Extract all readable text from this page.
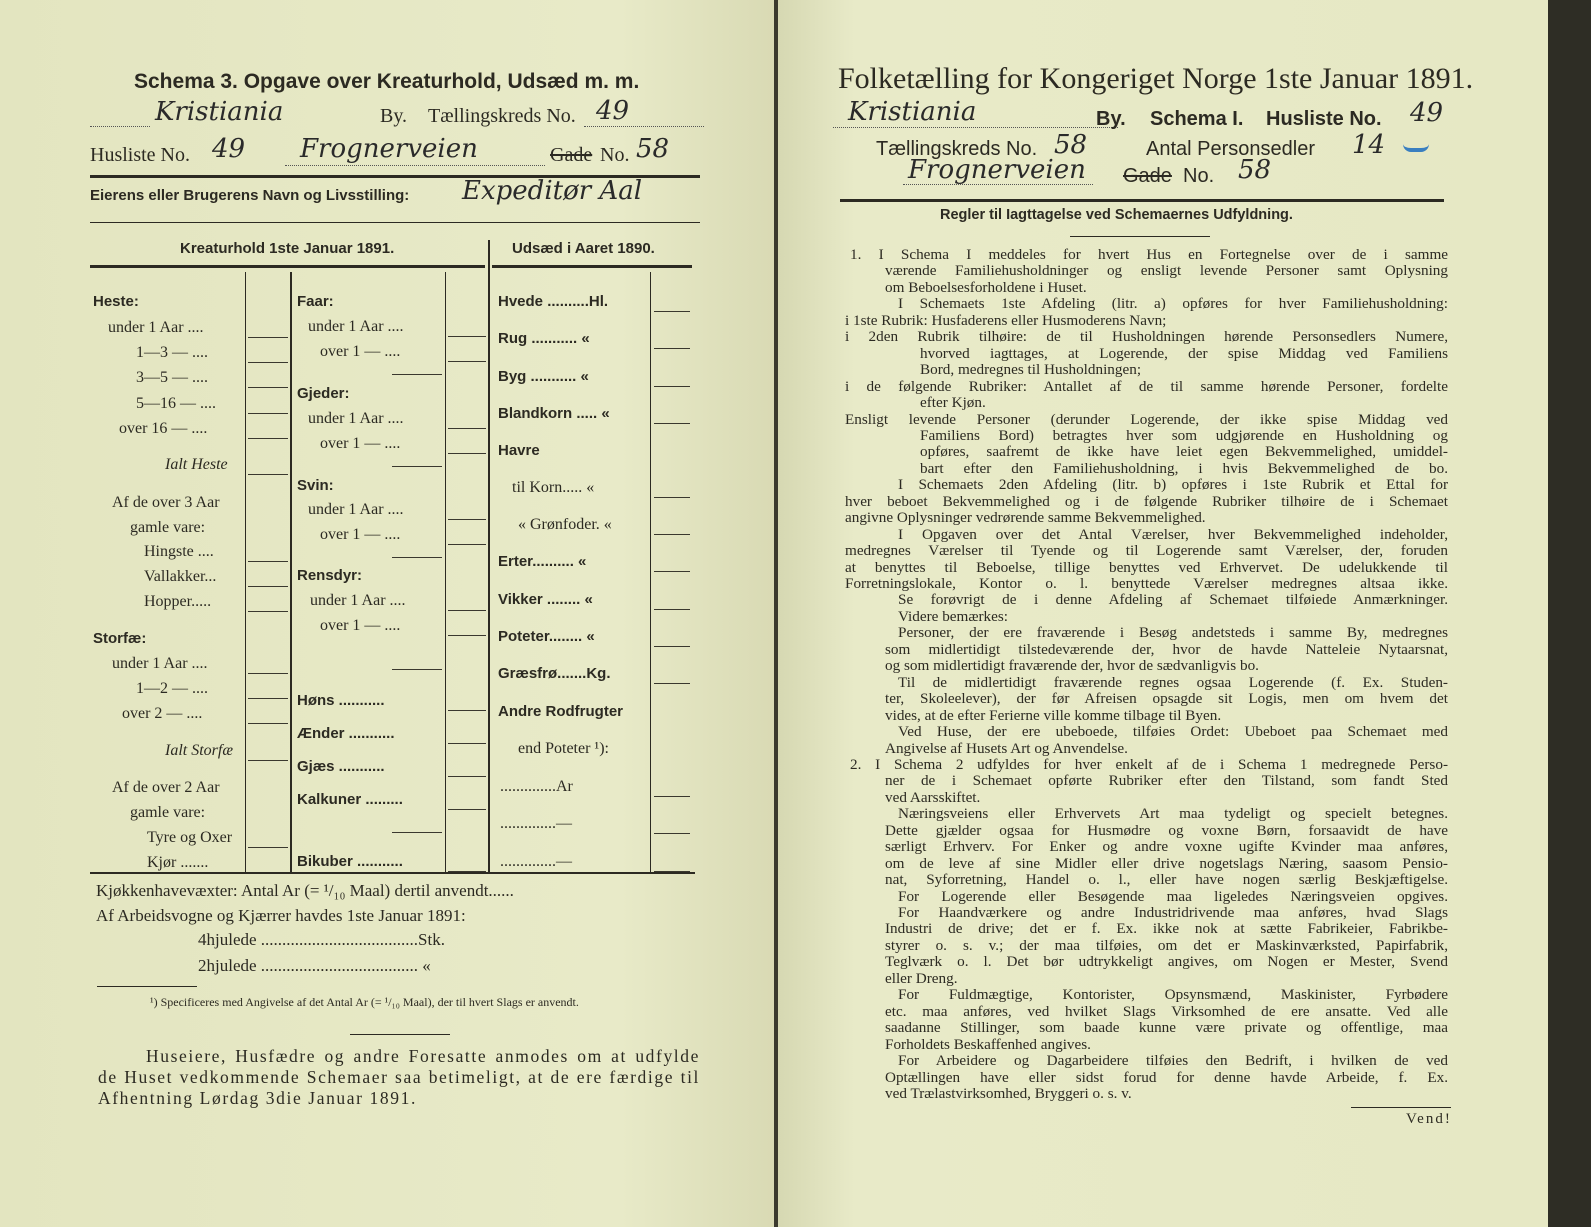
Schema 3. Opgave over Kreaturhold, Udsæd m. m.
Kristiania	By. Tællingskreds No. 49
Husliste No. 49 Frognerveien	Gade No. 58
Eierens eller Brugerens Navn og Livsstilling: Expeditør Aal
Kreaturhold 1ste Januar 1891.	Udsæd i Aaret 1890.
Heste:
under 1 Aar ....
1—3 — ....
3—5 — ....
5—16 — ....
over 16 — ....
Ialt Heste
Af de over 3 Aar
gamle vare:
Hingste ....
Vallakker...
Hopper.....
Storfæ:
under 1 Aar ....
1—2 — ....
over 2 — ....
Ialt Storfæ
Af de over 2 Aar
gamle vare:
Tyre og Oxer
Kjør .......
Faar:
under 1 Aar ....
over 1 — ....
Gjeder:
under 1 Aar ....
over 1 — ....
Svin:
under 1 Aar ....
over 1 — ....
Rensdyr:
under 1 Aar ....
over 1 — ....
Høns ...........
Ænder ...........
Gjæs ...........
Kalkuner .........
Bikuber ...........
Hvede ..........Hl.
Rug ........... «
Byg ........... «
Blandkorn ..... «
Havre
til Korn..... «
« Grønfoder. «
Erter.......... «
Vikker ........ «
Poteter........ «
Græsfrø.......Kg.
Andre Rodfrugter
end Poteter ¹):
..............Ar
..............—
..............—
Kjøkkenhavevæxter: Antal Ar (= ¹/₁₀ Maal) dertil anvendt......
Af Arbeidsvogne og Kjærrer havdes 1ste Januar 1891:
4hjulede .....................................Stk.
2hjulede ..................................... «
¹) Specificeres med Angivelse af det Antal Ar (= ¹/₁₀ Maal), der til hvert Slags er anvendt.
Huseiere, Husfædre og andre Foresatte anmodes om at udfylde de Huset vedkommende Schemaer saa betimeligt, at de ere færdige til Afhentning Lørdag 3die Januar 1891.
Folketælling for Kongeriget Norge 1ste Januar 1891.
Kristiania	By. Schema I. Husliste No. 49
Tællingskreds No. 58	Antal Personsedler 14
Frognerveien Gade No. 58
Regler til Iagttagelse ved Schemaernes Udfyldning.
1. I Schema I meddeles for hvert Hus en Fortegnelse over de i samme
værende Familiehusholdninger og ensligt levende Personer samt Oplysning
om Beboelsesforholdene i Huset.
I Schemaets 1ste Afdeling (litr. a) opføres for hver Familiehusholdning:
i 1ste Rubrik: Husfaderens eller Husmoderens Navn;
i 2den Rubrik tilhøire: de til Husholdningen hørende Personsedlers Numere,
hvorved iagttages, at Logerende, der spise Middag ved Familiens
Bord, medregnes til Husholdningen;
i de følgende Rubriker: Antallet af de til samme hørende Personer, fordelte
efter Kjøn.
Ensligt levende Personer (derunder Logerende, der ikke spise Middag ved
Familiens Bord) betragtes hver som udgjørende en Husholdning og
opføres, saafremt de ikke have leiet egen Bekvemmelighed, umiddel-
bart efter den Familiehusholdning, i hvis Bekvemmelighed de bo.
I Schemaets 2den Afdeling (litr. b) opføres i 1ste Rubrik et Ettal for
hver beboet Bekvemmelighed og i de følgende Rubriker tilhøire de i Schemaet
angivne Oplysninger vedrørende samme Bekvemmelighed.
I Opgaven over det Antal Værelser, hver Bekvemmelighed indeholder,
medregnes Værelser til Tyende og til Logerende samt Værelser, der, foruden
at benyttes til Beboelse, tillige benyttes ved Erhvervet. De udelukkende til
Forretningslokale, Kontor o. l. benyttede Værelser medregnes altsaa ikke.
Se forøvrigt de i denne Afdeling af Schemaet tilføiede Anmærkninger.
Videre bemærkes:
Personer, der ere fraværende i Besøg andetsteds i samme By, medregnes
som midlertidigt tilstedeværende der, hvor de havde Natteleie Nytaarsnat,
og som midlertidigt fraværende der, hvor de sædvanligvis bo.
Til de midlertidigt fraværende regnes ogsaa Logerende (f. Ex. Studen-
ter, Skoleelever), der før Afreisen opsagde sit Logis, men om hvem det
vides, at de efter Ferierne ville komme tilbage til Byen.
Ved Huse, der ere ubeboede, tilføies Ordet: Ubeboet paa Schemaet med
Angivelse af Husets Art og Anvendelse.
2. I Schema 2 udfyldes for hver enkelt af de i Schema 1 medregnede Perso-
ner de i Schemaet opførte Rubriker efter den Tilstand, som fandt Sted
ved Aarsskiftet.
Næringsveiens eller Erhvervets Art maa tydeligt og specielt betegnes.
Dette gjælder ogsaa for Husmødre og voxne Børn, forsaavidt de have
særligt Erhverv. For Enker og andre voxne ugifte Kvinder maa anføres,
om de leve af sine Midler eller drive nogetslags Næring, saasom Pensio-
nat, Syforretning, Handel o. l., eller have nogen særlig Beskjæftigelse.
For Logerende eller Besøgende maa ligeledes Næringsveien opgives.
For Haandværkere og andre Industridrivende maa anføres, hvad Slags
Industri de drive; det er f. Ex. ikke nok at sætte Fabrikeier, Fabrikbe-
styrer o. s. v.; der maa tilføies, om det er Maskinværksted, Papirfabrik,
Teglværk o. l. Det bør udtrykkeligt angives, om Nogen er Mester, Svend
eller Dreng.
For Fuldmægtige, Kontorister, Opsynsmænd, Maskinister, Fyrbødere
etc. maa anføres, ved hvilket Slags Virksomhed de ere ansatte. Ved alle
saadanne Stillinger, som baade kunne være private og offentlige, maa
Forholdets Beskaffenhed angives.
For Arbeidere og Dagarbeidere tilføies den Bedrift, i hvilken de ved
Optællingen have eller sidst forud for denne havde Arbeide, f. Ex.
ved Trælastvirksomhed, Bryggeri o. s. v.
Vend!
